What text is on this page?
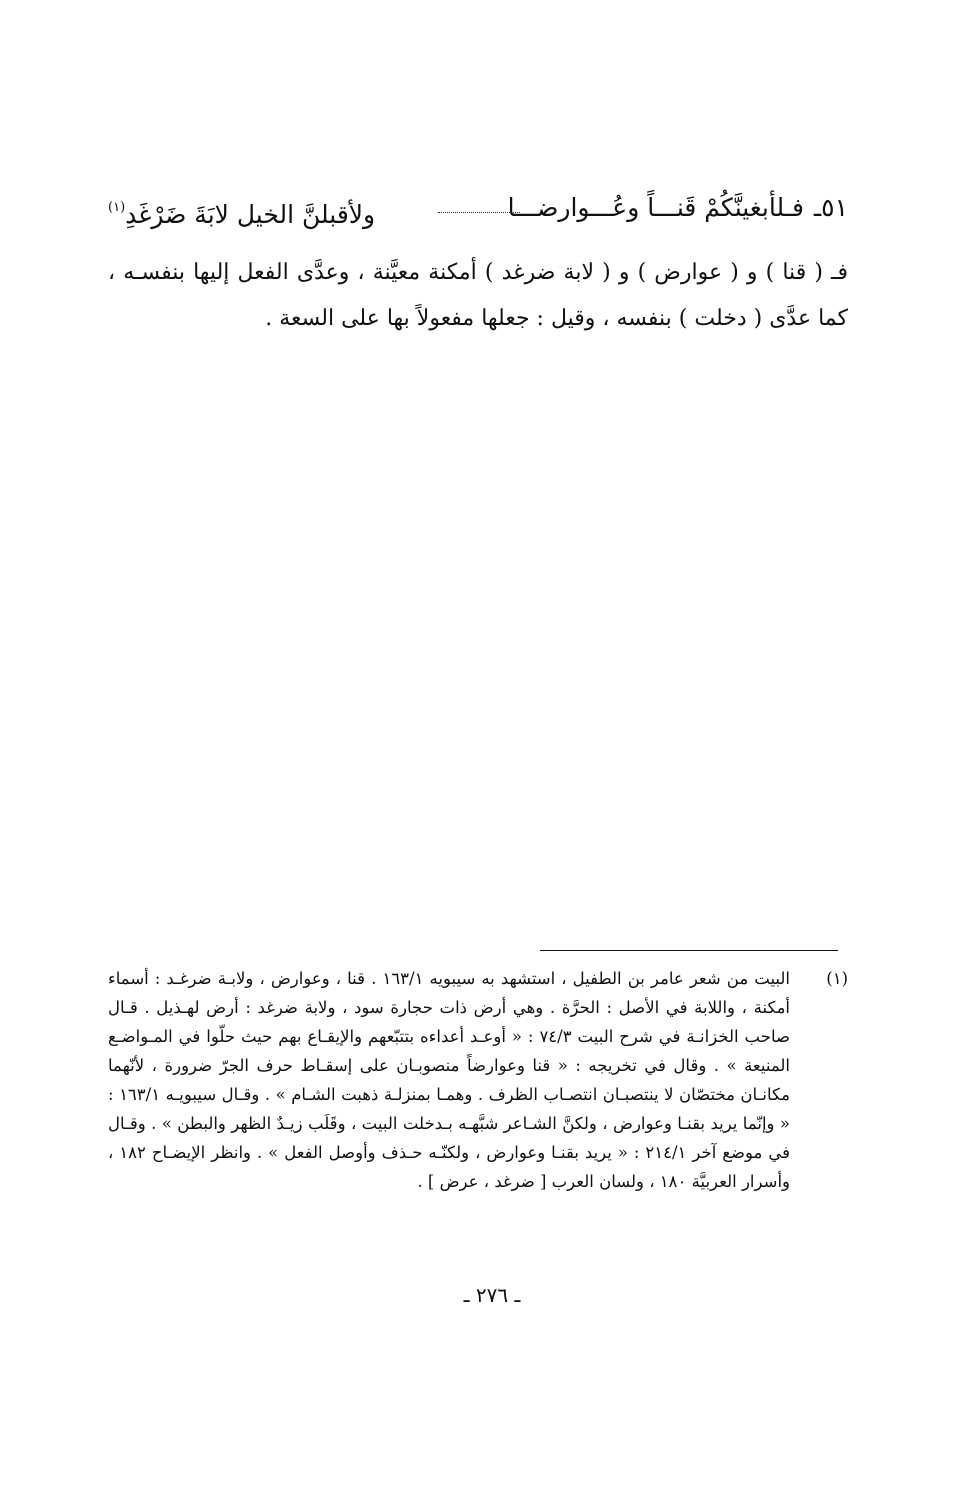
٥١ـ
فـلأبغينَّكُمْ قَنـــاً وعُـــوارضـــا
ولأقبلنَّ الخيل لابَةَ ضَرْغَدِ$^{(١)}$

فـ ( قنا ) و ( عوارض ) و ( لابة ضرغد ) أمكنة معيَّنة ، وعدَّى الفعل إليها بنفسـه ، كما عدَّى ( دخلت ) بنفسه ، وقيل : جعلها مفعولاً بها على السعة .

(١)

البيت من شعر عامر بن الطفيل ، استشهد به سيبويه ١٦٣/١ . قنا ، وعوارض ، ولابـة ضرغـد : أسماء أمكنة ، واللابة في الأصل : الحرَّة . وهي أرض ذات حجارة سود ، ولابة ضرغد : أرض لهـذيل . قـال صاحب الخزانـة في شرح البيت ٧٤/٣ : « أوعـد أعداءه بتتبّعهم والإيقـاع بهم حيث حلّوا في المـواضـع المنيعة » . وقال في تخريجه : « قنا وعوارضاً منصوبـان على إسقـاط حرف الجرّ ضرورة ، لأنّهما مكانـان مختصّان لا ينتصبـان انتصـاب الظرف . وهمـا بمنزلـة ذهبت الشـام » . وقـال سيبويـه ١٦٣/١ : « وإنّما يريد بقنـا وعوارض ، ولكنَّ الشـاعر شبَّهـه بـدخلت البيت ، وقَلَب زيـدٌ الظهر والبطن » . وقـال في موضع آخر ٢١٤/١ : « يريد بقنـا وعوارض ، ولكنّـه حـذف وأوصل الفعل » . وانظر الإيضـاح ١٨٢ ، وأسرار العربيَّة ١٨٠ ، ولسان العرب [ ضرغد ، عرض ] .

ـ ٢٧٦ ـ
